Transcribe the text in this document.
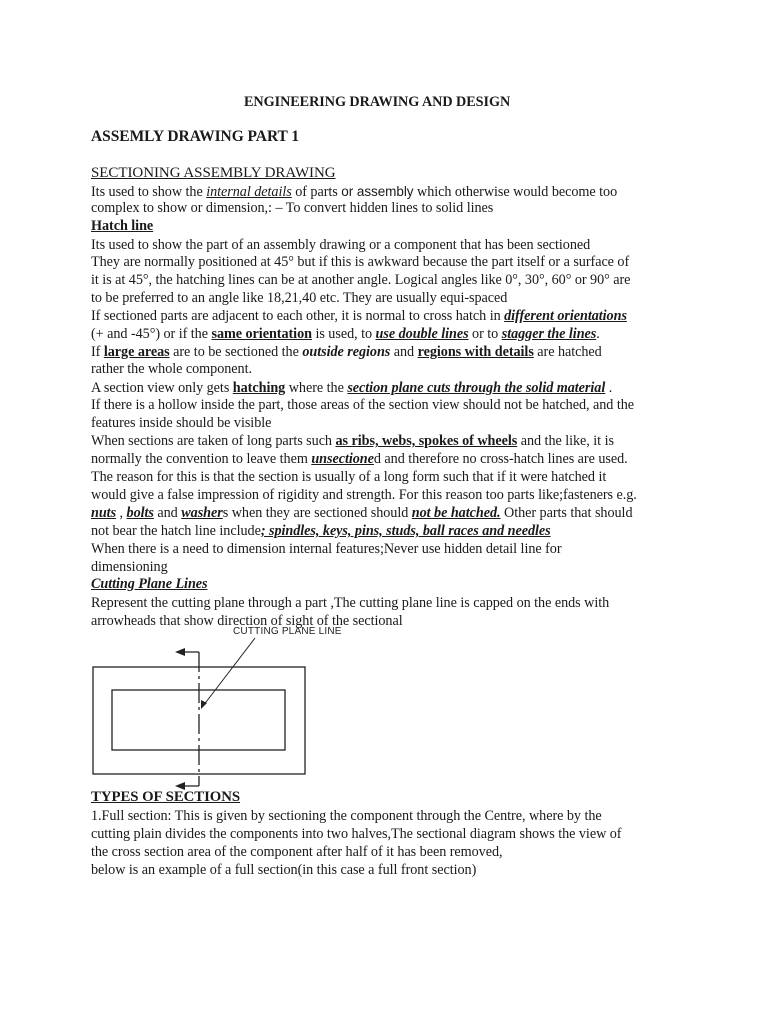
ENGINEERING DRAWING AND DESIGN
ASSEMLY DRAWING PART 1
SECTIONING ASSEMBLY DRAWING
Its used to show the internal details of parts or assembly which otherwise would become too
complex to show or dimension,: – To convert hidden lines to solid lines
Hatch line
Its used to show the part of an assembly drawing or a component that has been sectioned
They are normally positioned at 45° but if this is awkward because the part itself or a surface of
it is at 45°, the hatching lines can be at another angle. Logical angles like 0°, 30°, 60° or 90° are
to be preferred to an angle like 18,21,40 etc. They are usually equi-spaced
If sectioned parts are adjacent to each other, it is normal to cross hatch in different orientations
(+ and -45°) or if the same orientation is used, to use double lines or to stagger the lines.
If large areas are to be sectioned the outside regions and regions with details are hatched
rather the whole component.
A section view only gets hatching where the section plane cuts through the solid material .
If there is a hollow inside the part, those areas of the section view should not be hatched, and the
features inside should be visible
When sections are taken of long parts such as ribs, webs, spokes of wheels and the like, it is
normally the convention to leave them unsectioned and therefore no cross-hatch lines are used.
The reason for this is that the section is usually of a long form such that if it were hatched it
would give a false impression of rigidity and strength. For this reason too parts like;fasteners e.g.
nuts , bolts and washers when they are sectioned should not be hatched. Other parts that should
not bear the hatch line include; spindles, keys, pins, studs, ball races and needles
When there is a need to dimension internal features;Never use hidden detail line for
dimensioning
Cutting Plane Lines
Represent the cutting plane through a part ,The cutting plane line is capped on the ends with
arrowheads that show direction of sight of the sectional
CUTTING PLANE LINE
TYPES OF SECTIONS
1.Full section: This is given by sectioning the component through the Centre, where by the
cutting plain divides the components into two halves,The sectional diagram shows the view of
the cross section area of the component after half of it has been removed,
below is an example of a full section(in this case a full front section)
